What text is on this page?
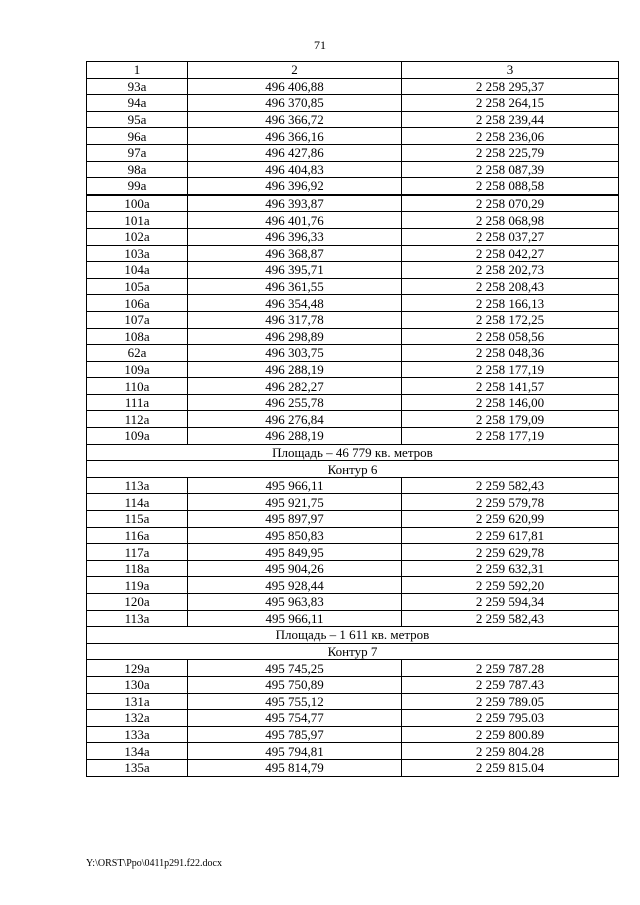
71
1	2	3
93а	496 406,88	2 258 295,37
94а	496 370,85	2 258 264,15
95а	496 366,72	2 258 239,44
96а	496 366,16	2 258 236,06
97а	496 427,86	2 258 225,79
98а	496 404,83	2 258 087,39
99а	496 396,92	2 258 088,58
100а	496 393,87	2 258 070,29
101а	496 401,76	2 258 068,98
102а	496 396,33	2 258 037,27
103а	496 368,87	2 258 042,27
104а	496 395,71	2 258 202,73
105а	496 361,55	2 258 208,43
106а	496 354,48	2 258 166,13
107а	496 317,78	2 258 172,25
108а	496 298,89	2 258 058,56
62а	496 303,75	2 258 048,36
109а	496 288,19	2 258 177,19
110а	496 282,27	2 258 141,57
111а	496 255,78	2 258 146,00
112а	496 276,84	2 258 179,09
109а	496 288,19	2 258 177,19
Площадь – 46 779 кв. метров		
Контур 6		
113а	495 966,11	2 259 582,43
114а	495 921,75	2 259 579,78
115а	495 897,97	2 259 620,99
116а	495 850,83	2 259 617,81
117а	495 849,95	2 259 629,78
118а	495 904,26	2 259 632,31
119а	495 928,44	2 259 592,20
120а	495 963,83	2 259 594,34
113а	495 966,11	2 259 582,43
Площадь – 1 611 кв. метров		
Контур 7		
129а	495 745,25	2 259 787.28
130а	495 750,89	2 259 787.43
131а	495 755,12	2 259 789.05
132а	495 754,77	2 259 795.03
133а	495 785,97	2 259 800.89
134а	495 794,81	2 259 804.28
135а	495 814,79	2 259 815.04
Y:\ORST\Ppo\0411p291.f22.docx
